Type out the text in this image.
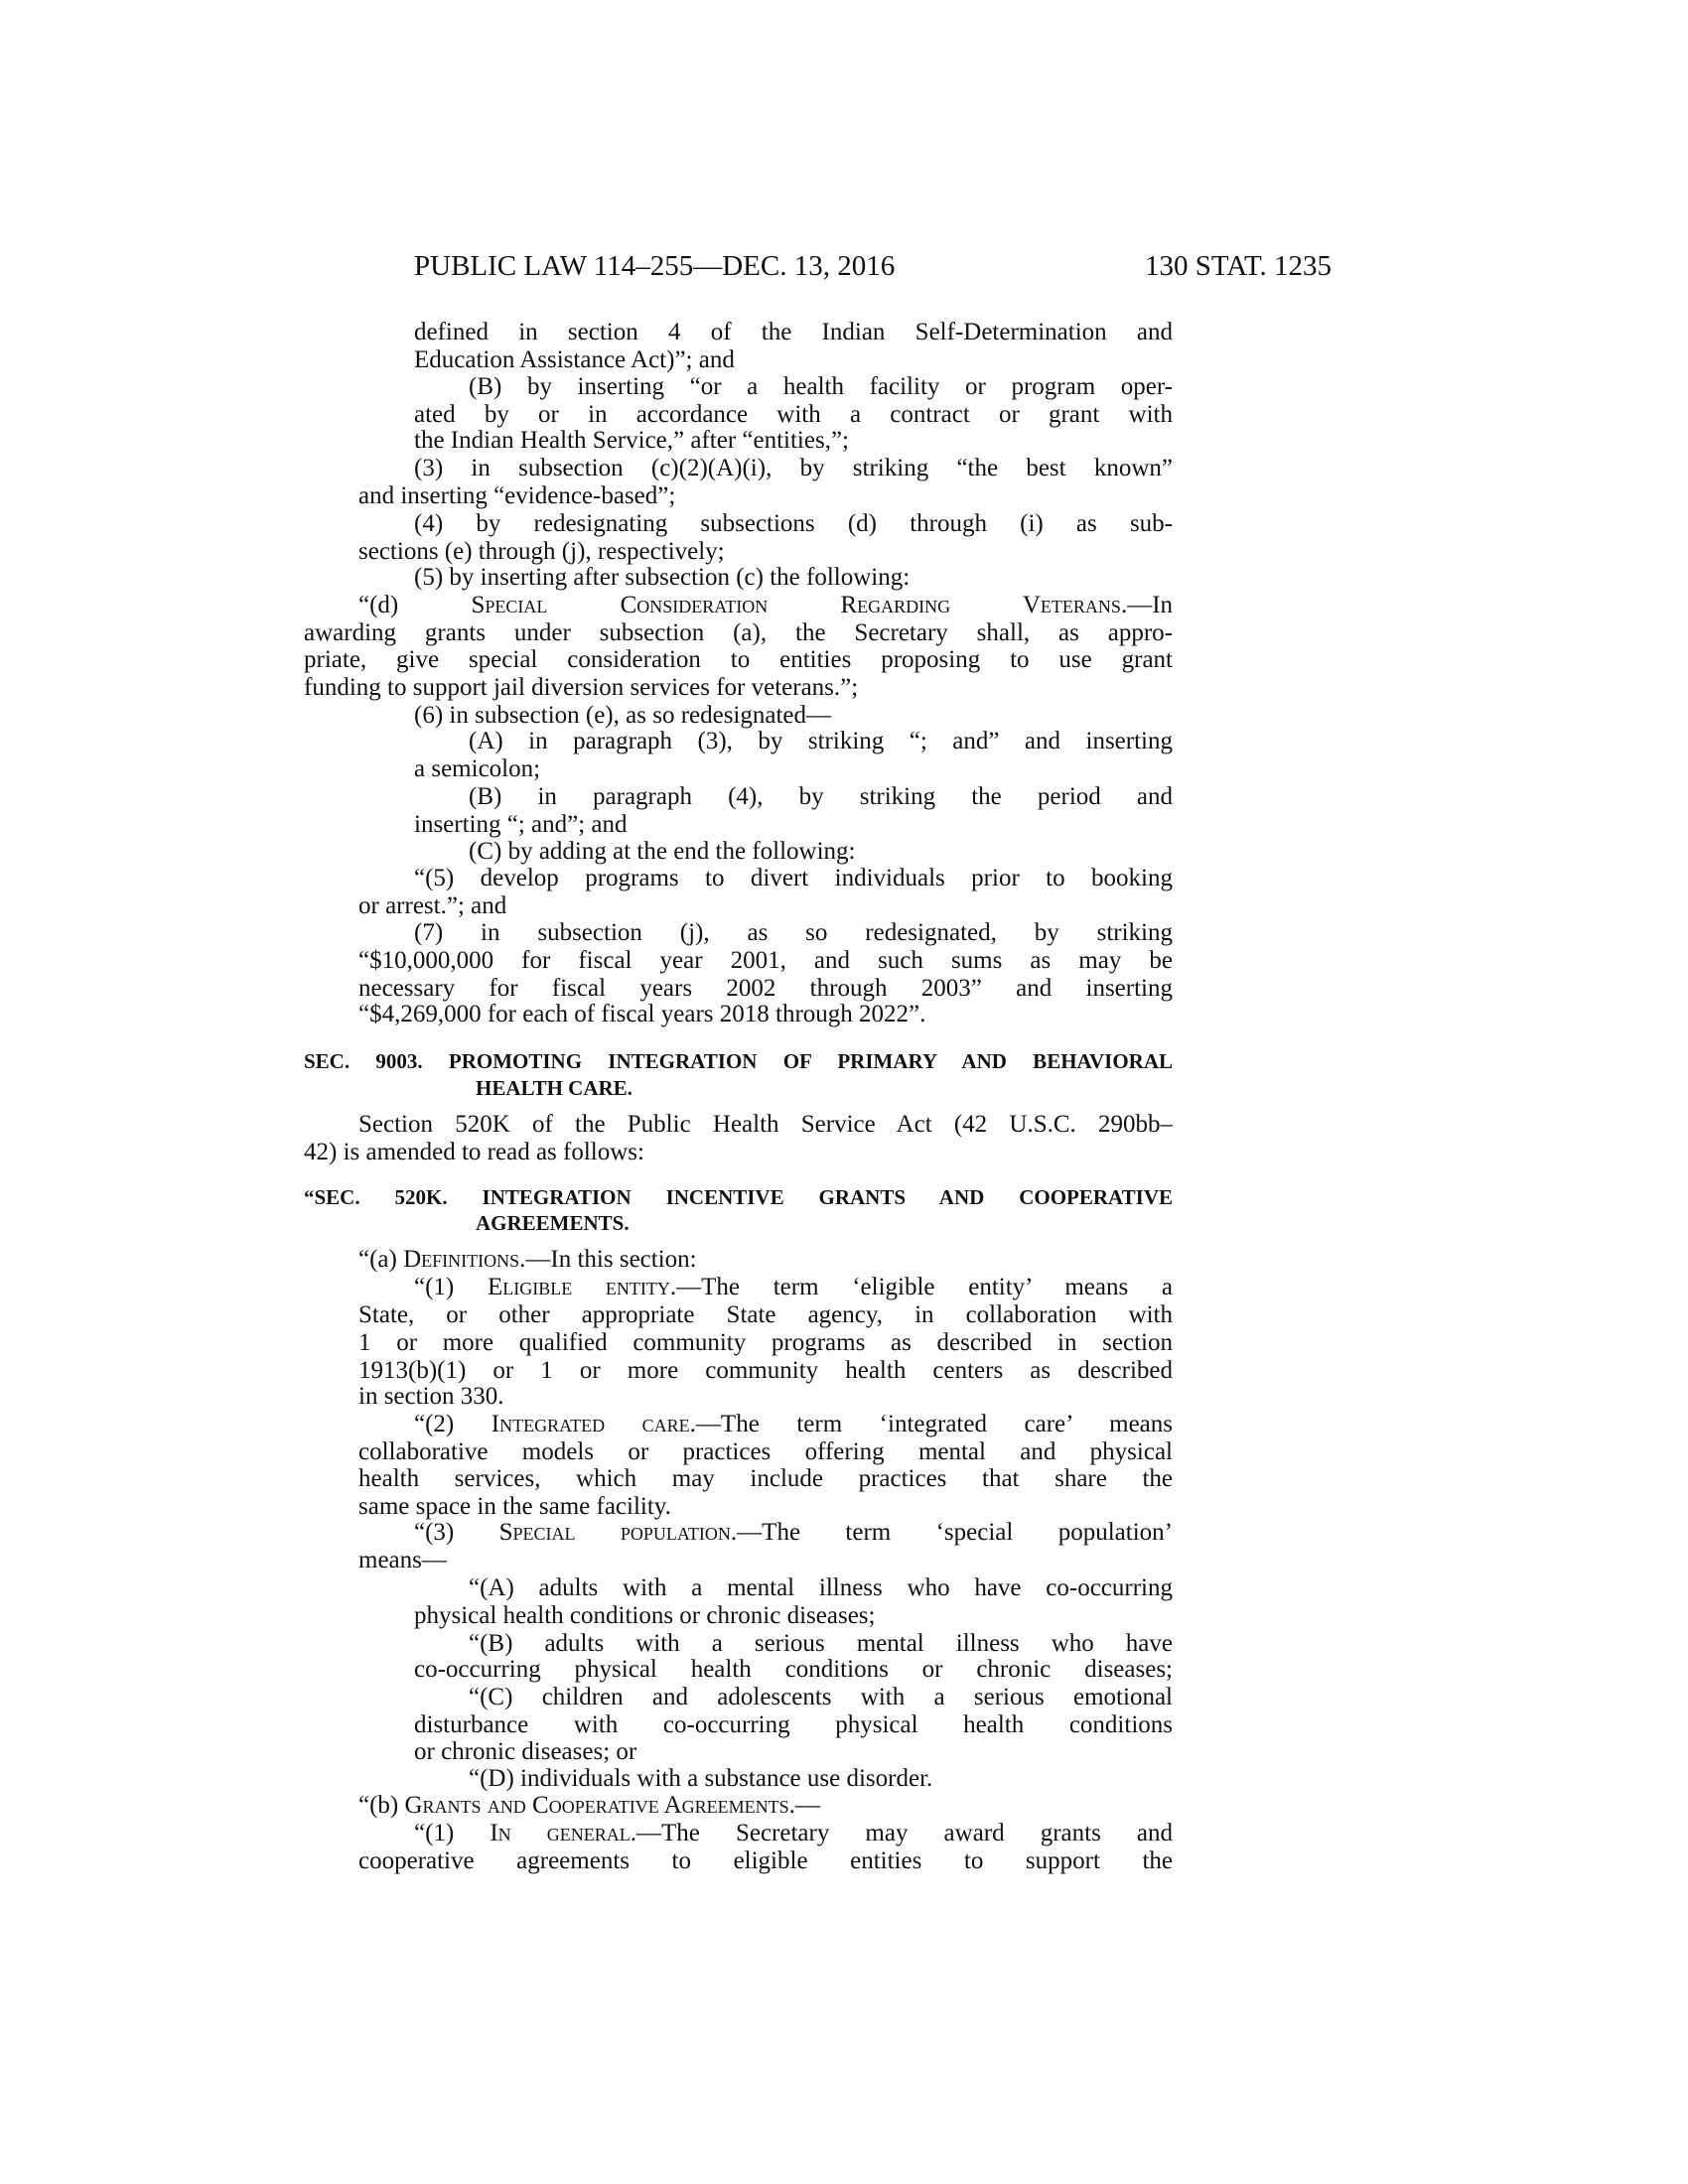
PUBLIC LAW 114–255—DEC. 13, 2016	130 STAT. 1235
defined in section 4 of the Indian Self-Determination and
Education Assistance Act)”; and
(B) by inserting “or a health facility or program oper-
ated by or in accordance with a contract or grant with
the Indian Health Service,” after “entities,”;
(3) in subsection (c)(2)(A)(i), by striking “the best known”
and inserting “evidence-based”;
(4) by redesignating subsections (d) through (i) as sub-
sections (e) through (j), respectively;
(5) by inserting after subsection (c) the following:
“(d) Special Consideration Regarding Veterans.—In
awarding grants under subsection (a), the Secretary shall, as appro-
priate, give special consideration to entities proposing to use grant
funding to support jail diversion services for veterans.”;
(6) in subsection (e), as so redesignated—
(A) in paragraph (3), by striking “; and” and inserting
a semicolon;
(B) in paragraph (4), by striking the period and
inserting “; and”; and
(C) by adding at the end the following:
“(5) develop programs to divert individuals prior to booking
or arrest.”; and
(7) in subsection (j), as so redesignated, by striking
“$10,000,000 for fiscal year 2001, and such sums as may be
necessary for fiscal years 2002 through 2003” and inserting
“$4,269,000 for each of fiscal years 2018 through 2022”.
SEC. 9003. PROMOTING INTEGRATION OF PRIMARY AND BEHAVIORAL
HEALTH CARE.
Section 520K of the Public Health Service Act (42 U.S.C. 290bb–
42) is amended to read as follows:
“SEC. 520K. INTEGRATION INCENTIVE GRANTS AND COOPERATIVE
AGREEMENTS.
“(a) Definitions.—In this section:
“(1) Eligible entity.—The term ‘eligible entity’ means a
State, or other appropriate State agency, in collaboration with
1 or more qualified community programs as described in section
1913(b)(1) or 1 or more community health centers as described
in section 330.
“(2) Integrated care.—The term ‘integrated care’ means
collaborative models or practices offering mental and physical
health services, which may include practices that share the
same space in the same facility.
“(3) Special population.—The term ‘special population’
means—
“(A) adults with a mental illness who have co-occurring
physical health conditions or chronic diseases;
“(B) adults with a serious mental illness who have
co-occurring physical health conditions or chronic diseases;
“(C) children and adolescents with a serious emotional
disturbance with co-occurring physical health conditions
or chronic diseases; or
“(D) individuals with a substance use disorder.
“(b) Grants and Cooperative Agreements.—
“(1) In general.—The Secretary may award grants and
cooperative agreements to eligible entities to support the
